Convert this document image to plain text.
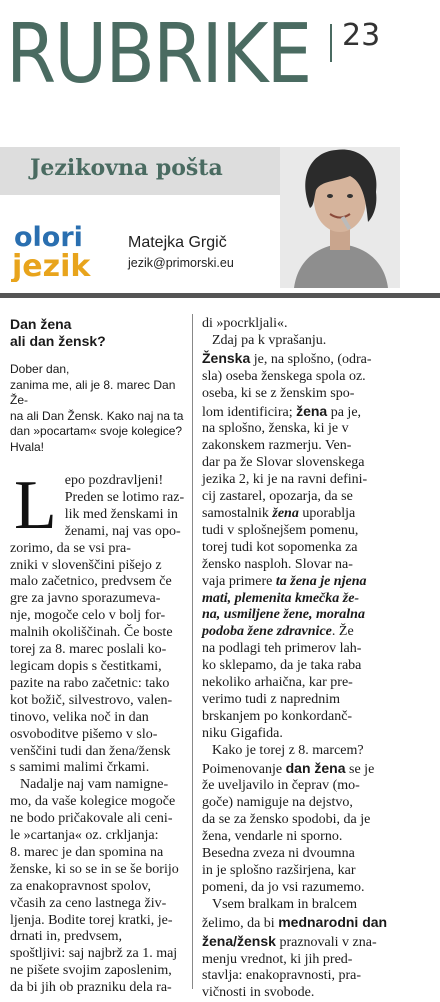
RUBRIKE 23
Jezikovna pošta
olori
jezik
Matejka Grgič
jezik@primorski.eu
Dan žena
ali dan žensk?
Dober dan,
zanima me, ali je 8. marec Dan Že-
na ali Dan Žensk. Kako naj na ta
dan »pocartam« svoje kolegice?
Hvala!
L epo pozdravljeni!
Preden se lotimo raz-
lik med ženskami in
ženami, naj vas opo-
zorimo, da se vsi pra-
zniki v slovenščini pišejo z
malo začetnico, predvsem če
gre za javno sporazumeva-
nje, mogoče celo v bolj for-
malnih okoliščinah. Če boste
torej za 8. marec poslali ko-
legicam dopis s čestitkami,
pazite na rabo začetnic: tako
kot božič, silvestrovo, valen-
tinovo, velika noč in dan
osvoboditve pišemo v slo-
venščini tudi dan žena/žensk
s samimi malimi črkami.
Nadalje naj vam namigne-
mo, da vaše kolegice mogoče
ne bodo pričakovale ali ceni-
le »cartanja« oz. crkljanja:
8. marec je dan spomina na
ženske, ki so se in se še borijo
za enakopravnost spolov,
včasih za ceno lastnega živ-
ljenja. Bodite torej kratki, je-
drnati in, predvsem,
spoštljivi: saj najbrž za 1. maj
ne pišete svojim zaposlenim,
da bi jih ob prazniku dela ra-
di »pocrkljali«.
Zdaj pa k vprašanju.
Ženska je, na splošno, (odra-
sla) oseba ženskega spola oz.
oseba, ki se z ženskim spo-
lom identificira; žena pa je,
na splošno, ženska, ki je v
zakonskem razmerju. Ven-
dar pa že Slovar slovenskega
jezika 2, ki je na ravni defini-
cij zastarel, opozarja, da se
samostalnik žena uporablja
tudi v splošnejšem pomenu,
torej tudi kot sopomenka za
žensko nasploh. Slovar na-
vaja primere ta žena je njena
mati, plemenita kmečka že-
na, usmiljene žene, moralna
podoba žene zdravnice. Že
na podlagi teh primerov lah-
ko sklepamo, da je taka raba
nekoliko arhaična, kar pre-
verimo tudi z naprednim
brskanjem po konkordanč-
niku Gigafida.
Kako je torej z 8. marcem?
Poimenovanje dan žena se je
že uveljavilo in čeprav (mo-
goče) namiguje na dejstvo,
da se za žensko spodobi, da je
žena, vendarle ni sporno.
Besedna zveza ni dvoumna
in je splošno razširjena, kar
pomeni, da jo vsi razumemo.
Vsem bralkam in bralcem
želimo, da bi mednarodni dan
žena/žensk praznovali v zna-
menju vrednot, ki jih pred-
stavlja: enakopravnosti, pra-
vičnosti in svobode.
